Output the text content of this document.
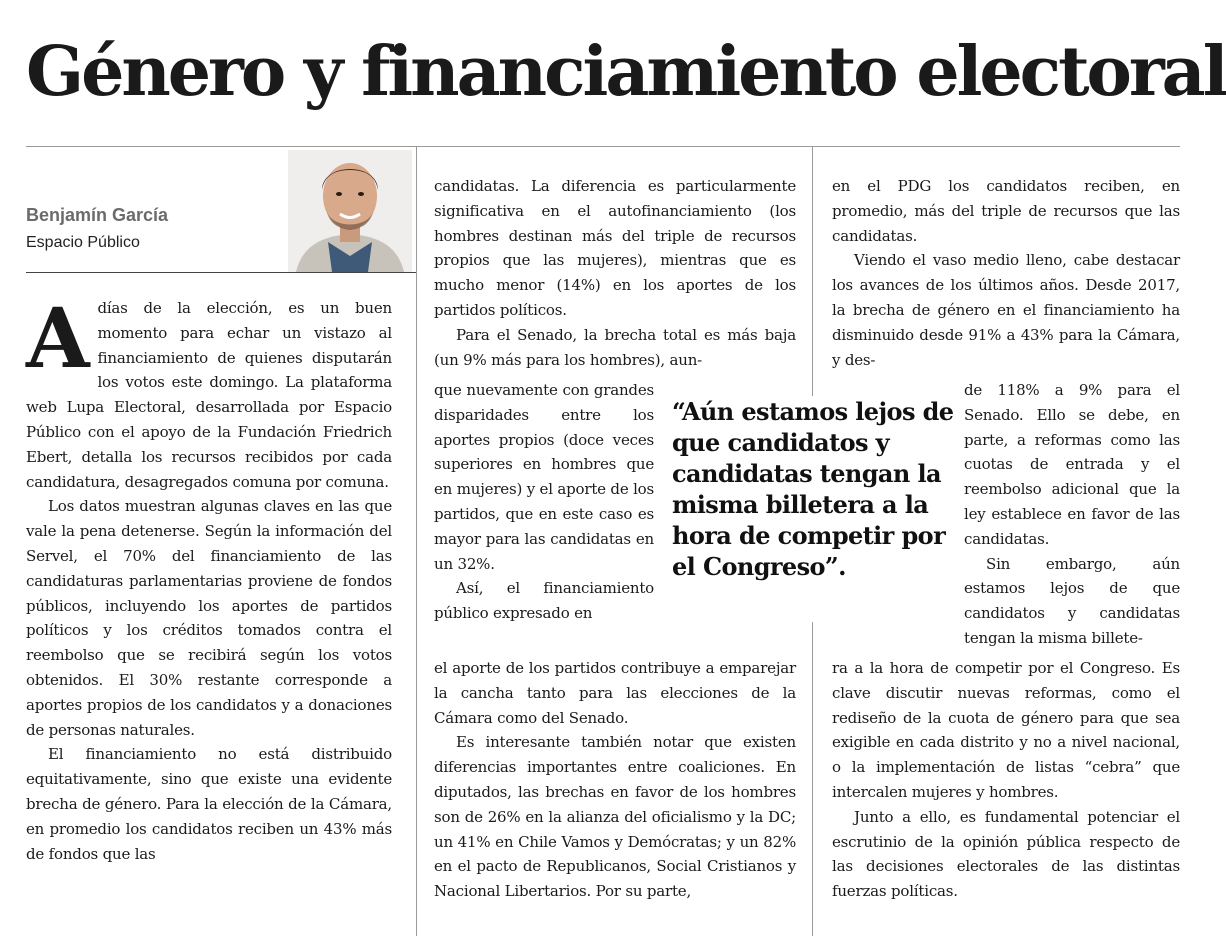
Género y financiamiento electoral
Benjamín García
Espacio Público

Adías de la elección, es un buen momento para echar un vistazo al financiamiento de quienes disputarán los votos este domingo. La plataforma web Lupa Electoral, desarrollada por Espacio Público con el apoyo de la Fundación Friedrich Ebert, detalla los recursos recibidos por cada candidatura, desagregados comuna por comuna.

Los datos muestran algunas claves en las que vale la pena detenerse. Según la información del Servel, el 70% del financiamiento de las candidaturas parlamentarias proviene de fondos públicos, incluyendo los aportes de partidos políticos y los créditos tomados contra el reembolso que se recibirá según los votos obtenidos. El 30% restante corresponde a aportes propios de los candidatos y a donaciones de personas naturales.

El financiamiento no está distribuido equitativamente, sino que existe una evidente brecha de género. Para la elección de la Cámara, en promedio los candidatos reciben un 43% más de fondos que las

candidatas. La diferencia es particularmente significativa en el autofinanciamiento (los hombres destinan más del triple de recursos propios que las mujeres), mientras que es mucho menor (14%) en los aportes de los partidos políticos.

Para el Senado, la brecha total es más baja (un 9% más para los hombres), aun-

que nuevamente con grandes disparidades entre los aportes propios (doce veces superiores en hombres que en mujeres) y el aporte de los partidos, que en este caso es mayor para las candidatas en un 32%.

Así, el financiamiento público expresado en

el aporte de los partidos contribuye a emparejar la cancha tanto para las elecciones de la Cámara como del Senado.

Es interesante también notar que existen diferencias importantes entre coaliciones. En diputados, las brechas en favor de los hombres son de 26% en la alianza del oficialismo y la DC; un 41% en Chile Vamos y Demócratas; y un 82% en el pacto de Republicanos, Social Cristianos y Nacional Libertarios. Por su parte,

en el PDG los candidatos reciben, en promedio, más del triple de recursos que las candidatas.

Viendo el vaso medio lleno, cabe destacar los avances de los últimos años. Desde 2017, la brecha de género en el financiamiento ha disminuido desde 91% a 43% para la Cámara, y des-

de 118% a 9% para el Senado. Ello se debe, en parte, a reformas como las cuotas de entrada y el reembolso adicional que la ley establece en favor de las candidatas.

Sin embargo, aún estamos lejos de que candidatos y candidatas tengan la misma billete-

ra a la hora de competir por el Congreso. Es clave discutir nuevas reformas, como el rediseño de la cuota de género para que sea exigible en cada distrito y no a nivel nacional, o la implementación de listas “cebra” que intercalen mujeres y hombres.

Junto a ello, es fundamental potenciar el escrutinio de la opinión pública respecto de las decisiones electorales de las distintas fuerzas políticas.

“Aún estamos lejos de que candidatos y candidatas tengan la misma billetera a la hora de competir por el Congreso”.
